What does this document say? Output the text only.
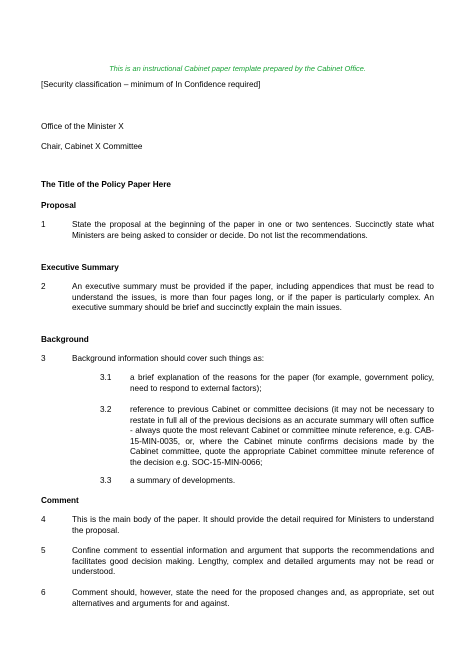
This is an instructional Cabinet paper template prepared by the Cabinet Office.
[Security classification – minimum of In Confidence required]
Office of the Minister X
Chair, Cabinet X Committee
The Title of the Policy Paper Here
Proposal
1	State the proposal at the beginning of the paper in one or two sentences. Succinctly state what Ministers are being asked to consider or decide. Do not list the recommendations.
Executive Summary
2	An executive summary must be provided if the paper, including appendices that must be read to understand the issues, is more than four pages long, or if the paper is particularly complex. An executive summary should be brief and succinctly explain the main issues.
Background
3	Background information should cover such things as:
3.1 a brief explanation of the reasons for the paper (for example, government policy, need to respond to external factors);
3.2 reference to previous Cabinet or committee decisions (it may not be necessary to restate in full all of the previous decisions as an accurate summary will often suffice - always quote the most relevant Cabinet or committee minute reference, e.g. CAB-15-MIN-0035, or, where the Cabinet minute confirms decisions made by the Cabinet committee, quote the appropriate Cabinet committee minute reference of the decision e.g. SOC-15-MIN-0066;
3.3 a summary of developments.
Comment
4	This is the main body of the paper. It should provide the detail required for Ministers to understand the proposal.
5	Confine comment to essential information and argument that supports the recommendations and facilitates good decision making. Lengthy, complex and detailed arguments may not be read or understood.
6	Comment should, however, state the need for the proposed changes and, as appropriate, set out alternatives and arguments for and against.
